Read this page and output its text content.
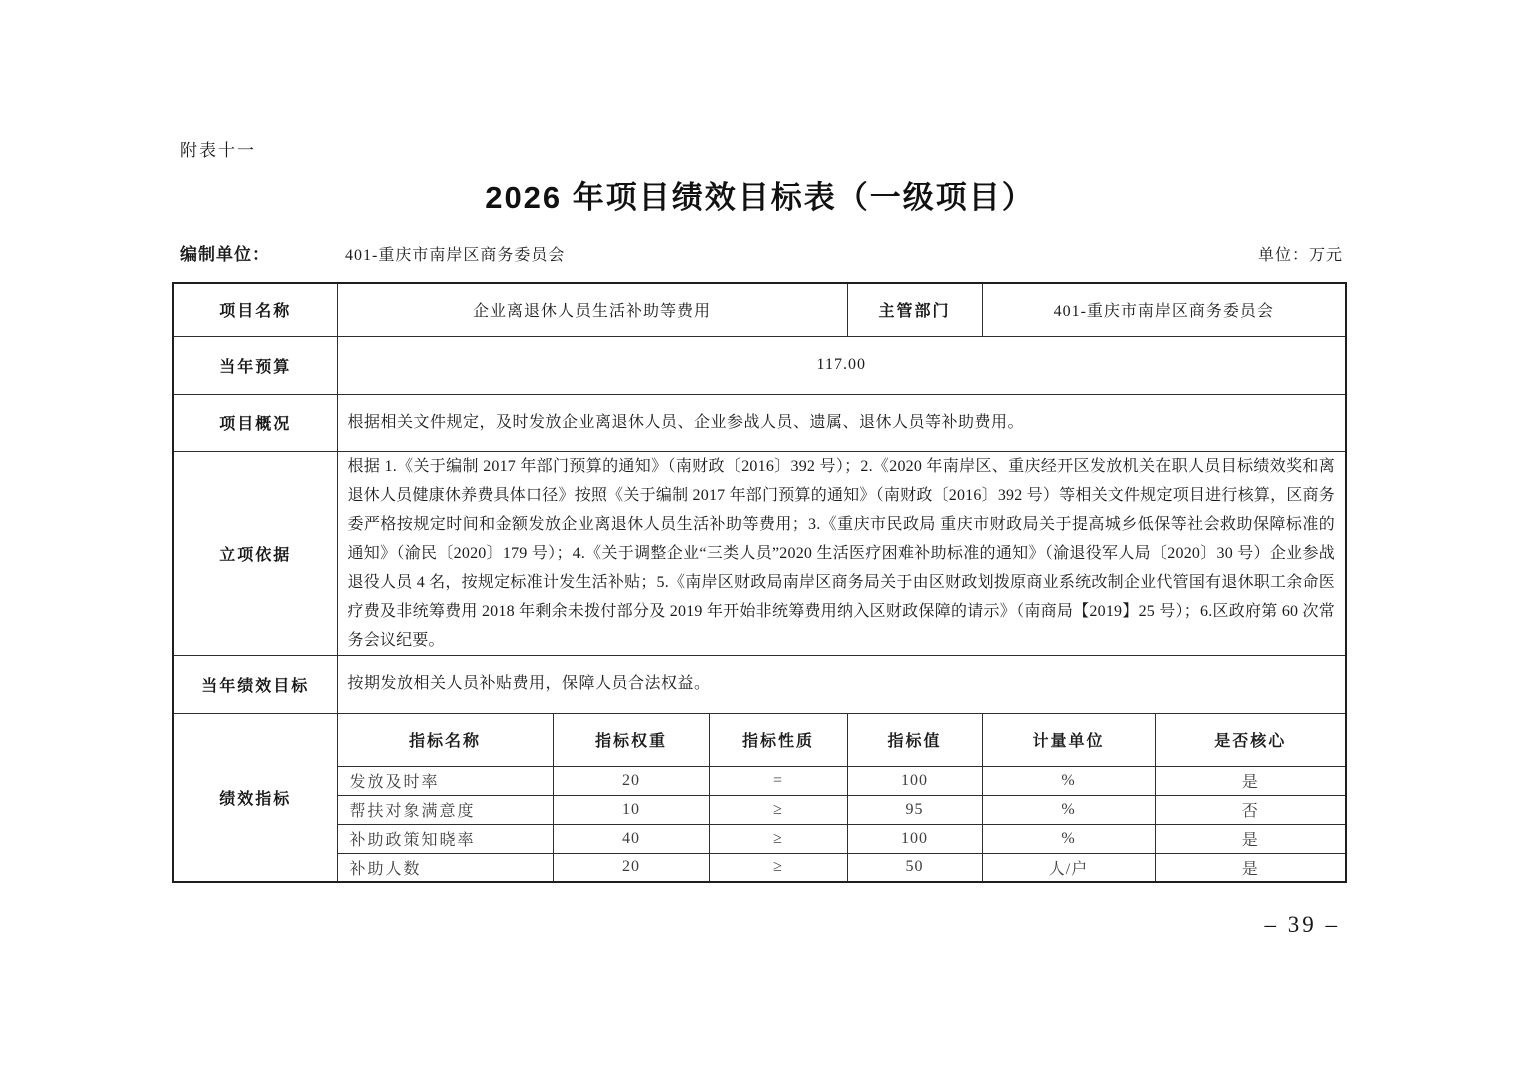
附表十一
2026 年项目绩效目标表（一级项目）
编制单位：	401-重庆市南岸区商务委员会	单位：万元
项目名称	企业离退休人员生活补助等费用			主管部门	401-重庆市南岸区商务委员会	
当年预算	117.00					
项目概况	根据相关文件规定，及时发放企业离退休人员、企业参战人员、遗属、退休人员等补助费用。					
立项依据	根据 1.《关于编制 2017 年部门预算的通知》（南财政〔2016〕392 号）；2.《2020 年南岸区、重庆经开区发放机关在职人员目标绩效奖和离退休人员健康休养费具体口径》按照《关于编制 2017 年部门预算的通知》（南财政〔2016〕392 号）等相关文件规定项目进行核算，区商务委严格按规定时间和金额发放企业离退休人员生活补助等费用；3.《重庆市民政局 重庆市财政局关于提高城乡低保等社会救助保障标准的通知》（渝民〔2020〕179 号）；4.《关于调整企业“三类人员”2020 生活医疗困难补助标准的通知》（渝退役军人局〔2020〕30 号）企业参战退役人员 4 名，按规定标准计发生活补贴；5.《南岸区财政局南岸区商务局关于由区财政划拨原商业系统改制企业代管国有退休职工余命医疗费及非统筹费用 2018 年剩余未拨付部分及 2019 年开始非统筹费用纳入区财政保障的请示》（南商局【2019】25 号）；6.区政府第 60 次常务会议纪要。					
当年绩效目标	按期发放相关人员补贴费用，保障人员合法权益。					
绩效指标	指标名称	指标权重	指标性质	指标值	计量单位	是否核心
	发放及时率	20	=	100	%	是
	帮扶对象满意度	10	≥	95	%	否
	补助政策知晓率	40	≥	100	%	是
	补助人数	20	≥	50	人/户	是
– 39 –
